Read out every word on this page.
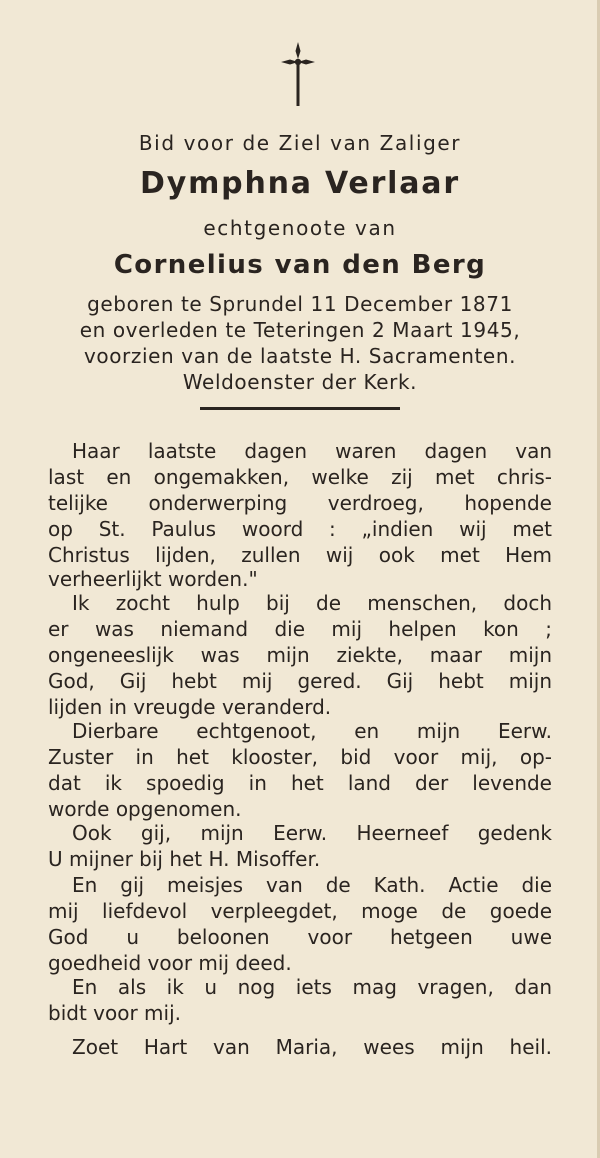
Bid voor de Ziel van Zaliger
Dymphna Verlaar
echtgenoote van
Cornelius van den Berg
geboren te Sprundel 11 December 1871
en overleden te Teteringen 2 Maart 1945,
voorzien van de laatste H. Sacramenten.
Weldoenster der Kerk.
Haar laatste dagen waren dagen van
last en ongemakken, welke zij met chris-
telijke onderwerping verdroeg, hopende
op St. Paulus woord : „indien wij met
Christus lijden, zullen wij ook met Hem
verheerlijkt worden."
Ik zocht hulp bij de menschen, doch
er was niemand die mij helpen kon ;
ongeneeslijk was mijn ziekte, maar mijn
God, Gij hebt mij gered. Gij hebt mijn
lijden in vreugde veranderd.
Dierbare echtgenoot, en mijn Eerw.
Zuster in het klooster, bid voor mij, op-
dat ik spoedig in het land der levende
worde opgenomen.
Ook gij, mijn Eerw. Heerneef gedenk
U mijner bij het H. Misoffer.
En gij meisjes van de Kath. Actie die
mij liefdevol verpleegdet, moge de goede
God u beloonen voor hetgeen uwe
goedheid voor mij deed.
En als ik u nog iets mag vragen, dan
bidt voor mij.
Zoet Hart van Maria, wees mijn heil.
